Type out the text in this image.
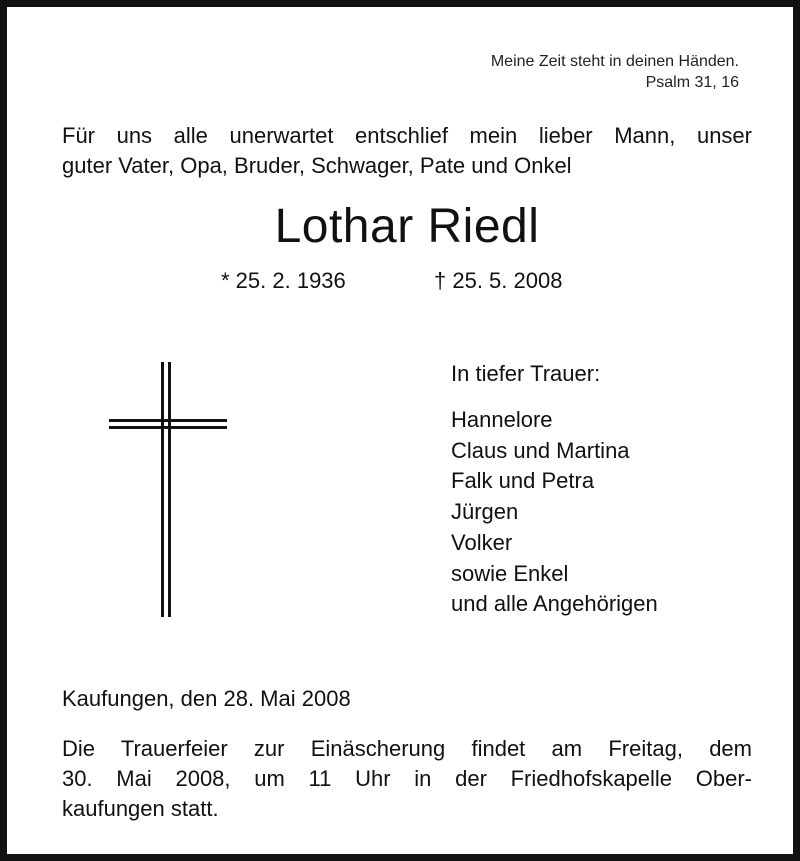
Meine Zeit steht in deinen Händen.
Psalm 31, 16
Für uns alle unerwartet entschlief mein lieber Mann, unser
guter Vater, Opa, Bruder, Schwager, Pate und Onkel
Lothar Riedl
* 25. 2. 1936	† 25. 5. 2008
In tiefer Trauer:
Hannelore
Claus und Martina
Falk und Petra
Jürgen
Volker
sowie Enkel
und alle Angehörigen
Kaufungen, den 28. Mai 2008
Die Trauerfeier zur Einäscherung findet am Freitag, dem
30. Mai 2008, um 11 Uhr in der Friedhofskapelle Ober-
kaufungen statt.
